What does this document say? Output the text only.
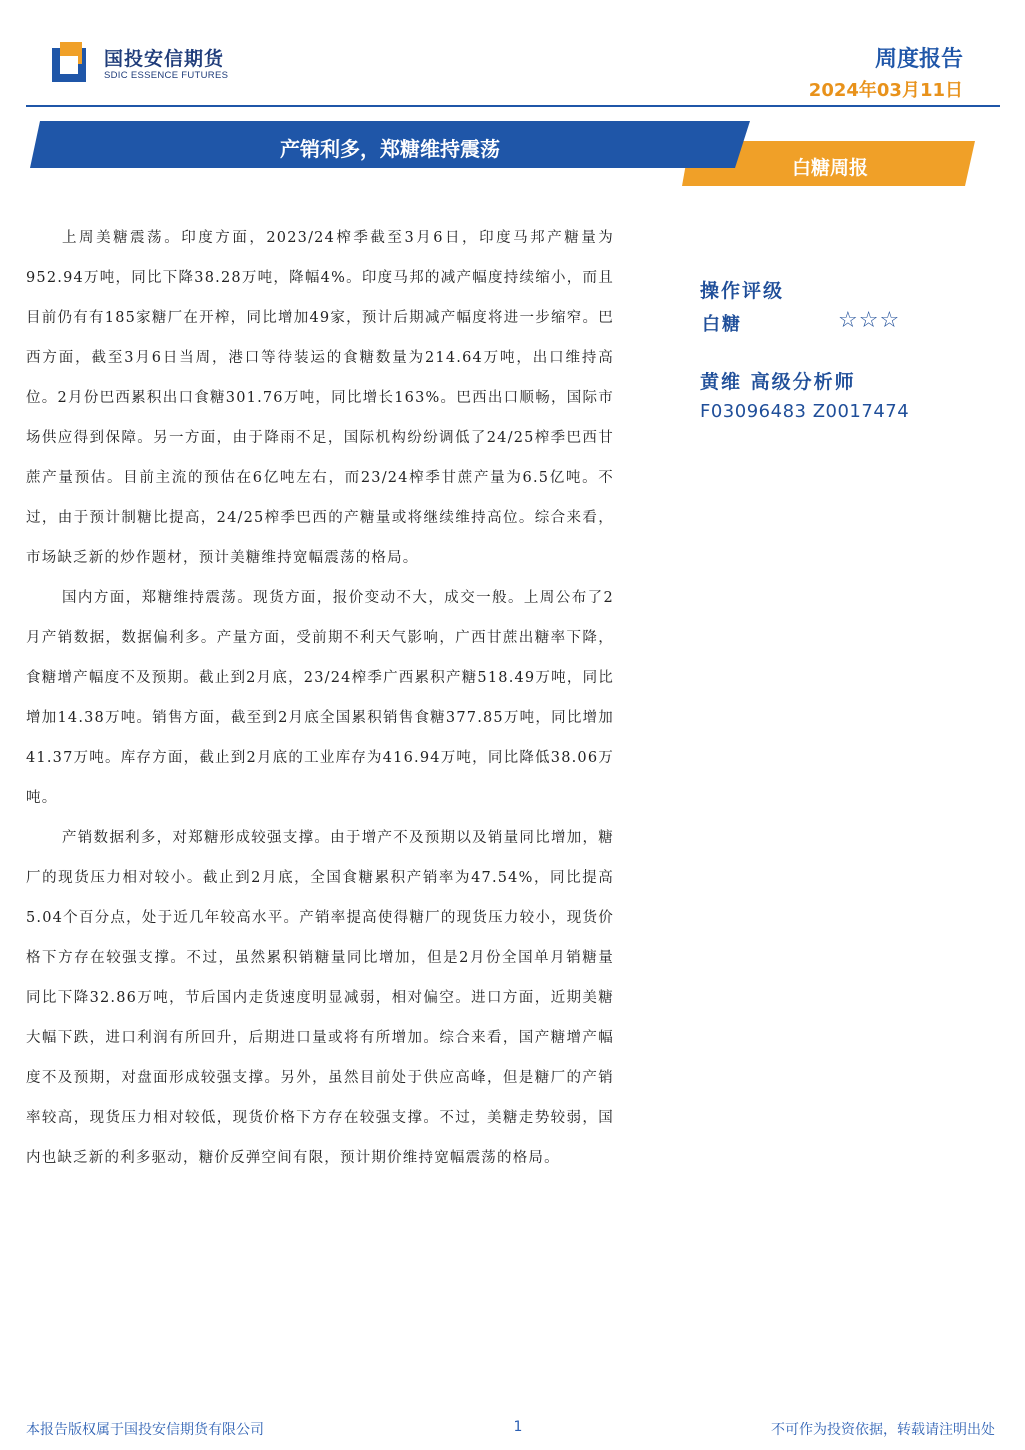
国投安信期货
SDIC ESSENCE FUTURES
周度报告
2024年03月11日
产销利多，郑糖维持震荡
白糖周报

上周美糖震荡。印度方面，2023/24榨季截至3月6日，印度马邦产糖量为952.94万吨，同比下降38.28万吨，降幅4%。印度马邦的减产幅度持续缩小，而且目前仍有有185家糖厂在开榨，同比增加49家，预计后期减产幅度将进一步缩窄。巴西方面，截至3月6日当周，港口等待装运的食糖数量为214.64万吨，出口维持高位。2月份巴西累积出口食糖301.76万吨，同比增长163%。巴西出口顺畅，国际市场供应得到保障。另一方面，由于降雨不足，国际机构纷纷调低了24/25榨季巴西甘蔗产量预估。目前主流的预估在6亿吨左右，而23/24榨季甘蔗产量为6.5亿吨。不过，由于预计制糖比提高，24/25榨季巴西的产糖量或将继续维持高位。综合来看，市场缺乏新的炒作题材，预计美糖维持宽幅震荡的格局。

国内方面，郑糖维持震荡。现货方面，报价变动不大，成交一般。上周公布了2月产销数据，数据偏利多。产量方面，受前期不利天气影响，广西甘蔗出糖率下降，食糖增产幅度不及预期。截止到2月底，23/24榨季广西累积产糖518.49万吨，同比增加14.38万吨。销售方面，截至到2月底全国累积销售食糖377.85万吨，同比增加41.37万吨。库存方面，截止到2月底的工业库存为416.94万吨，同比降低38.06万吨。

产销数据利多，对郑糖形成较强支撑。由于增产不及预期以及销量同比增加，糖厂的现货压力相对较小。截止到2月底，全国食糖累积产销率为47.54%，同比提高5.04个百分点，处于近几年较高水平。产销率提高使得糖厂的现货压力较小，现货价格下方存在较强支撑。不过，虽然累积销糖量同比增加，但是2月份全国单月销糖量同比下降32.86万吨，节后国内走货速度明显减弱，相对偏空。进口方面，近期美糖大幅下跌，进口利润有所回升，后期进口量或将有所增加。综合来看，国产糖增产幅度不及预期，对盘面形成较强支撑。另外，虽然目前处于供应高峰，但是糖厂的产销率较高，现货压力相对较低，现货价格下方存在较强支撑。不过，美糖走势较弱，国内也缺乏新的利多驱动，糖价反弹空间有限，预计期价维持宽幅震荡的格局。

操作评级
白糖	☆☆☆
黄维 高级分析师
F03096483 Z0017474
本报告版权属于国投安信期货有限公司	1	不可作为投资依据，转载请注明出处
